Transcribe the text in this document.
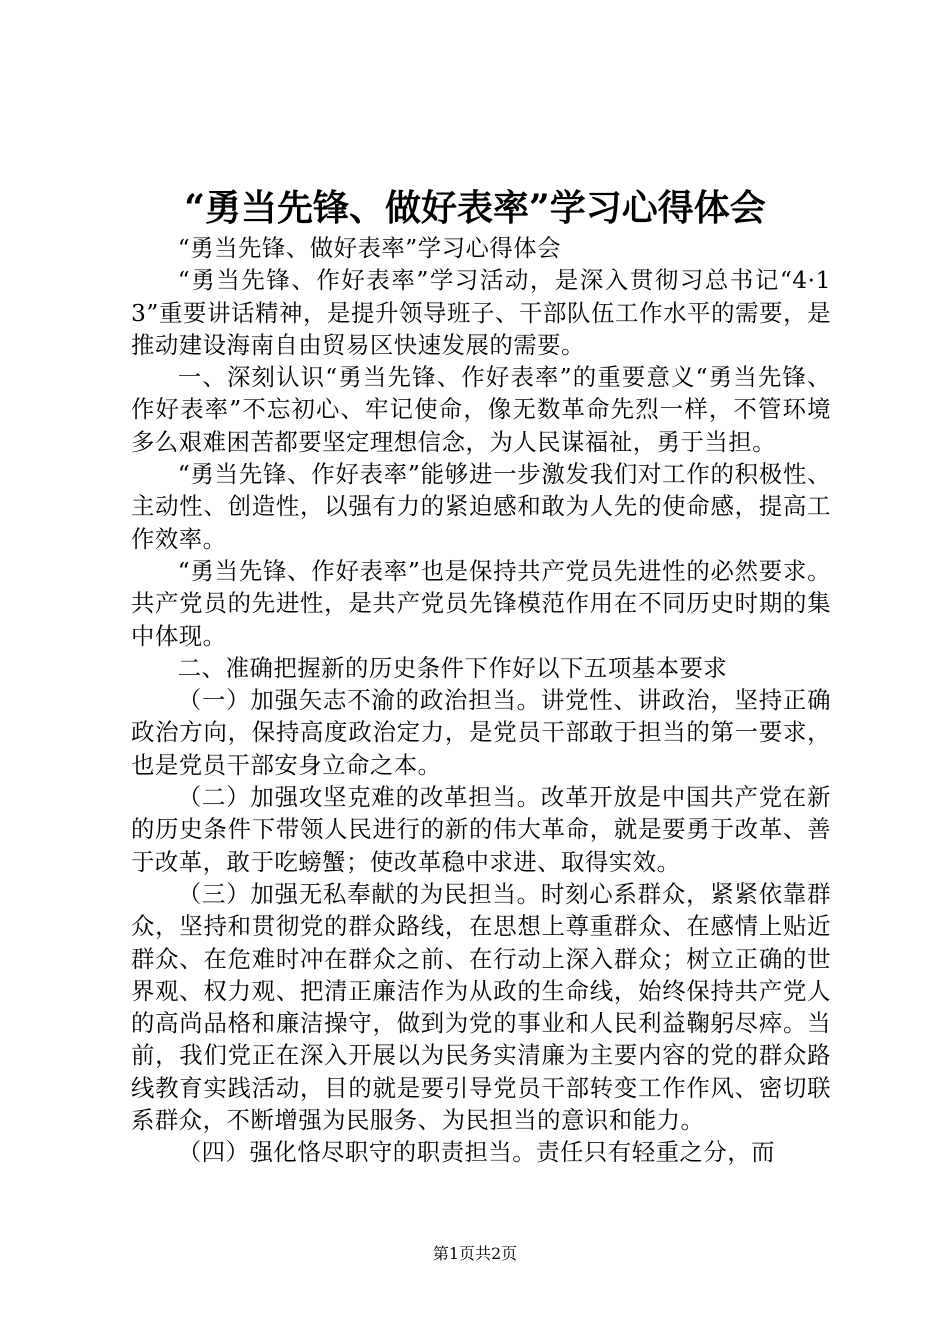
“勇当先锋、做好表率”学习心得体会

“勇当先锋、做好表率”学习心得体会

“勇当先锋、作好表率”学习活动，是深入贯彻习总书记“4·13”重要讲话精神，是提升领导班子、干部队伍工作水平的需要，是推动建设海南自由贸易区快速发展的需要。

一、深刻认识“勇当先锋、作好表率”的重要意义“勇当先锋、作好表率”不忘初心、牢记使命，像无数革命先烈一样，不管环境多么艰难困苦都要坚定理想信念，为人民谋福祉，勇于当担。

“勇当先锋、作好表率”能够进一步激发我们对工作的积极性、主动性、创造性，以强有力的紧迫感和敢为人先的使命感，提高工作效率。

“勇当先锋、作好表率”也是保持共产党员先进性的必然要求。共产党员的先进性，是共产党员先锋模范作用在不同历史时期的集中体现。

二、准确把握新的历史条件下作好以下五项基本要求

（一）加强矢志不渝的政治担当。讲党性、讲政治，坚持正确政治方向，保持高度政治定力，是党员干部敢于担当的第一要求，也是党员干部安身立命之本。

（二）加强攻坚克难的改革担当。改革开放是中国共产党在新的历史条件下带领人民进行的新的伟大革命，就是要勇于改革、善于改革，敢于吃螃蟹；使改革稳中求进、取得实效。

（三）加强无私奉献的为民担当。时刻心系群众，紧紧依靠群众，坚持和贯彻党的群众路线，在思想上尊重群众、在感情上贴近群众、在危难时冲在群众之前、在行动上深入群众；树立正确的世界观、权力观、把清正廉洁作为从政的生命线，始终保持共产党人的高尚品格和廉洁操守，做到为党的事业和人民利益鞠躬尽瘁。当前，我们党正在深入开展以为民务实清廉为主要内容的党的群众路线教育实践活动，目的就是要引导党员干部转变工作作风、密切联系群众，不断增强为民服务、为民担当的意识和能力。

（四）强化恪尽职守的职责担当。责任只有轻重之分，而

第1页共2页
